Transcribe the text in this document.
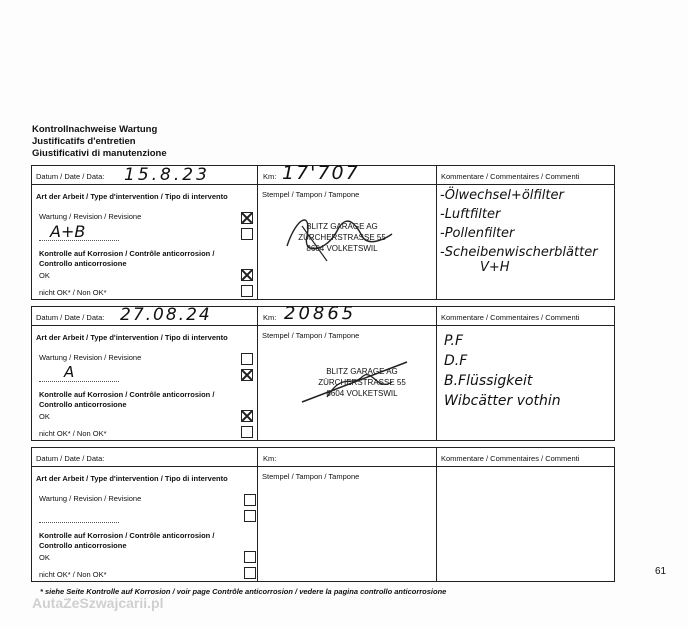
Kontrollnachweise Wartung
Justificatifs d'entretien
Giustificativi di manutenzione
Datum / Date / Data: 15.8.23	Km: 17'707	Kommentare / Commentaires / Commenti
Art der Arbeit / Type d'intervention / Tipo di intervento
Wartung / Revision / Revisione
A+B
Kontrolle auf Korrosion / Contrôle anticorrosion /
Controllo anticorrosione
OK
nicht OK* / Non OK*
Stempel / Tampon / Tampone
BLITZ GARAGE AG
ZÜRCHERSTRASSE 55
8604 VOLKETSWIL
-Ölwechsel+ölfilter
-Luftfilter
-Pollenfilter
-Scheibenwischerblätter
V+H
Datum / Date / Data: 27.08.24	Km: 20865	Kommentare / Commentaires / Commenti
Art der Arbeit / Type d'intervention / Tipo di intervento
Wartung / Revision / Revisione
A
Kontrolle auf Korrosion / Contrôle anticorrosion /
Controllo anticorrosione
OK
nicht OK* / Non OK*
Stempel / Tampon / Tampone
BLITZ GARAGE AG
ZÜRCHERSTRASSE 55
8604 VOLKETSWIL
P.F
D.F
B.Flüssigkeit
Wibcätter vothin
Datum / Date / Data:	Km:	Kommentare / Commentaires / Commenti
Art der Arbeit / Type d'intervention / Tipo di intervento
Wartung / Revision / Revisione
Kontrolle auf Korrosion / Contrôle anticorrosion /
Controllo anticorrosione
OK
nicht OK* / Non OK*
Stempel / Tampon / Tampone
* siehe Seite Kontrolle auf Korrosion / voir page Contrôle anticorrosion / vedere la pagina controllo anticorrosione
61
AutaZeSzwajcarii.pl
